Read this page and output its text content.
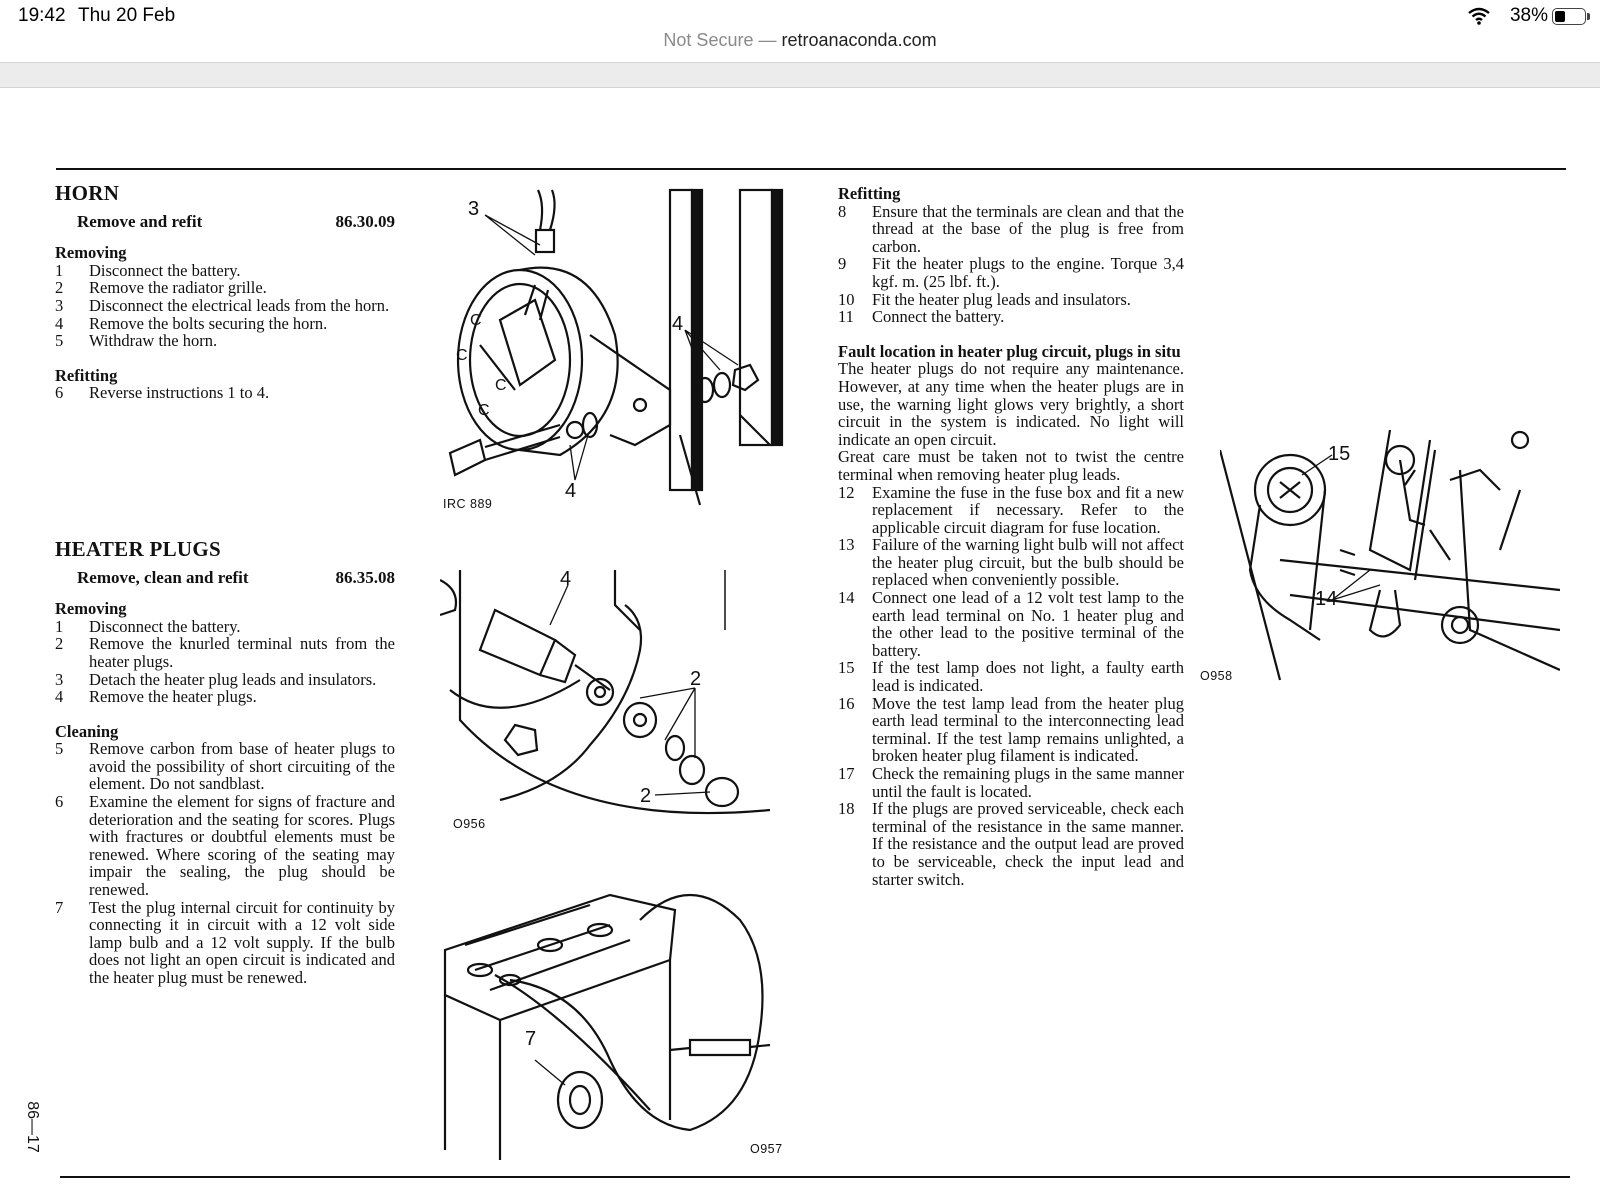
19:42 Thu 20 Feb	38%
Not Secure — retroanaconda.com
HORN
Remove and refit	86.30.09
Removing
1	Disconnect the battery.
2	Remove the radiator grille.
3	Disconnect the electrical leads from the horn.
4	Remove the bolts securing the horn.
5	Withdraw the horn.
Refitting
6	Reverse instructions 1 to 4.
HEATER PLUGS
Remove, clean and refit	86.35.08
Removing
1	Disconnect the battery.
2	Remove the knurled terminal nuts from the heater plugs.
3	Detach the heater plug leads and insulators.
4	Remove the heater plugs.
Cleaning
5	Remove carbon from base of heater plugs to avoid the possibility of short circuiting of the element. Do not sandblast.
6	Examine the element for signs of fracture and deterioration and the seating for scores. Plugs with fractures or doubtful elements must be renewed. Where scoring of the seating may impair the sealing, the plug should be renewed.
7	Test the plug internal circuit for continuity by connecting it in circuit with a 12 volt side lamp bulb and a 12 volt supply. If the bulb does not light an open circuit is indicated and the heater plug must be renewed.
C
C
C
C
3
4
4
IRC 889
4
2
2
O956
7
O957
Refitting
8	Ensure that the terminals are clean and that the thread at the base of the plug is free from carbon.
9	Fit the heater plugs to the engine. Torque 3,4 kgf. m. (25 lbf. ft.).
10	Fit the heater plug leads and insulators.
11	Connect the battery.
Fault location in heater plug circuit, plugs in situ

The heater plugs do not require any maintenance. However, at any time when the heater plugs are in use, the warning light glows very brightly, a short circuit in the system is indicated. No light will indicate an open circuit.

Great care must be taken not to twist the centre terminal when removing heater plug leads.

12	Examine the fuse in the fuse box and fit a new replacement if necessary. Refer to the applicable circuit diagram for fuse location.
13	Failure of the warning light bulb will not affect the heater plug circuit, but the bulb should be replaced when conveniently possible.
14	Connect one lead of a 12 volt test lamp to the earth lead terminal on No. 1 heater plug and the other lead to the positive terminal of the battery.
15	If the test lamp does not light, a faulty earth lead is indicated.
16	Move the test lamp lead from the heater plug earth lead terminal to the interconnecting lead terminal. If the test lamp remains unlighted, a broken heater plug filament is indicated.
17	Check the remaining plugs in the same manner until the fault is located.
18	If the plugs are proved serviceable, check each terminal of the resistance in the same manner. If the resistance and the output lead are proved to be serviceable, check the input lead and starter switch.
15
14
O958
86—17
